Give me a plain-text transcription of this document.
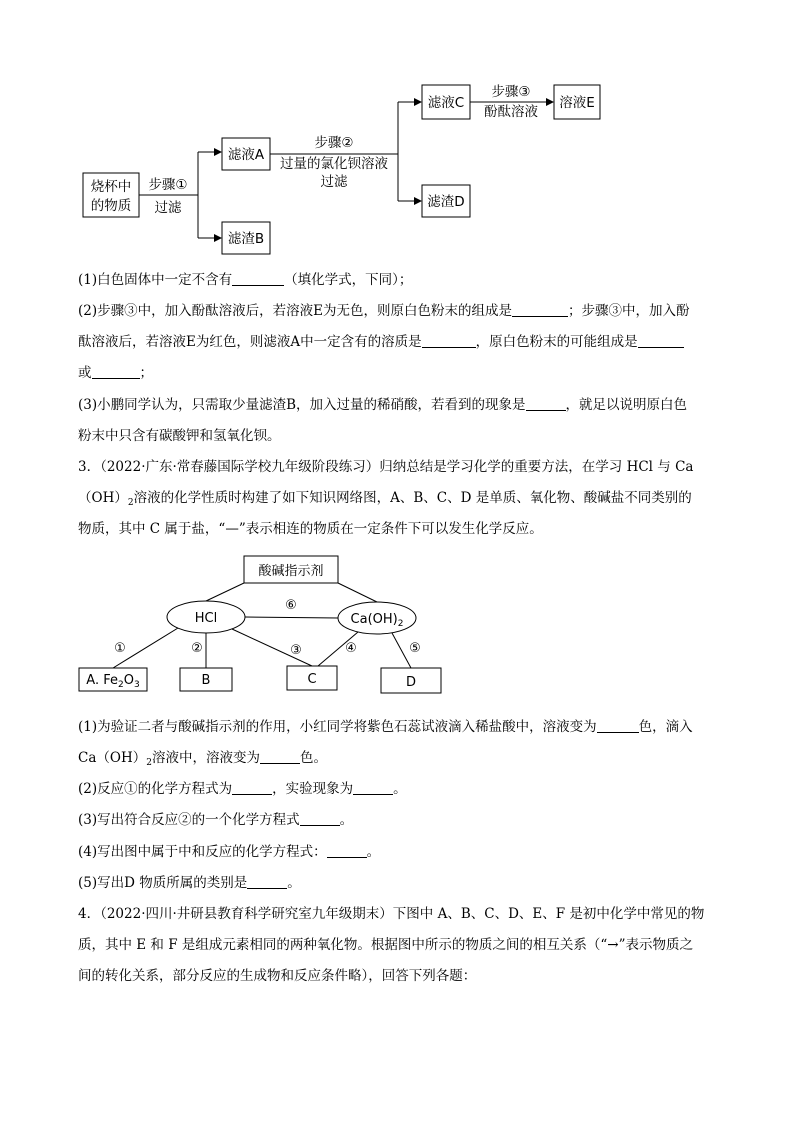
烧杯中
的物质
步骤①
过滤
滤液A
滤渣B
步骤②
过量的氯化钡溶液
过滤
滤液C
滤渣D
步骤③
酚酞溶液
溶液E
(1)白色固体中一定不含有	（填化学式，下同）；
(2)步骤③中，加入酚酞溶液后，若溶液E为无色，则原白色粉末的组成是	；步骤③中，加入酚
酞溶液后，若溶液E为红色，则滤液A中一定含有的溶质是	，原白色粉末的可能组成是
或	；
(3)小鹏同学认为，只需取少量滤渣B，加入过量的稀硝酸，若看到的现象是	，就足以说明原白色
粉末中只含有碳酸钾和氢氧化钡。
3．（2022·广东·常春藤国际学校九年级阶段练习）归纳总结是学习化学的重要方法，在学习 HCl 与 Ca
$(OH)_2$溶液的化学性质时构建了如下知识网络图，A、B、C、D 是单质、氧化物、酸碱盐不同类别的
物质，其中 C 属于盐，“—”表示相连的物质在一定条件下可以发生化学反应。
酸碱指示剂
HCl	$Ca(OH)_2$
⑥
①	②	③	④	⑤
A. $Fe_2O_3$	B	C	D
(1)为验证二者与酸碱指示剂的作用，小红同学将紫色石蕊试液滴入稀盐酸中，溶液变为	色，滴入
$Ca(OH)_2$溶液中，溶液变为	色。
(2)反应①的化学方程式为	，实验现象为	。
(3)写出符合反应②的一个化学方程式	。
(4)写出图中属于中和反应的化学方程式：	。
(5)写出D 物质所属的类别是	。
4．（2022·四川·井研县教育科学研究室九年级期末）下图中 A、B、C、D、E、F 是初中化学中常见的物
质，其中 E 和 F 是组成元素相同的两种氧化物。根据图中所示的物质之间的相互关系（“→”表示物质之
间的转化关系，部分反应的生成物和反应条件略），回答下列各题：
